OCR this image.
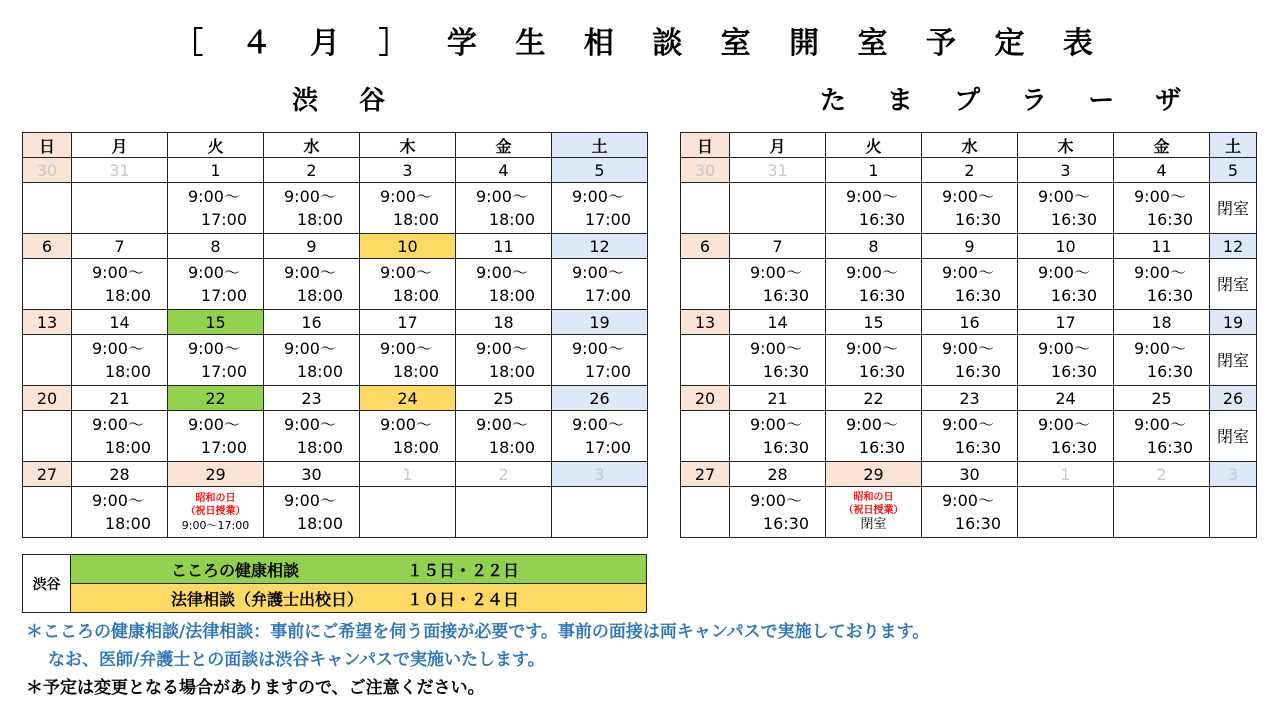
［ ４ 月 ］ 学 生 相 談 室 開 室 予 定 表
渋 谷	た ま プ ラ ー ザ
日	月	火	水	木	金	土
30	31	1	2	3	4	5

		9:00～
17:00	9:00～
18:00	9:00～
18:00	9:00～
18:00	9:00～
17:00

6	7	8	9	10	11	12

	9:00～
18:00	9:00～
17:00	9:00～
18:00	9:00～
18:00	9:00～
18:00	9:00～
17:00

13	14	15	16	17	18	19

	9:00～
18:00	9:00～
17:00	9:00～
18:00	9:00～
18:00	9:00～
18:00	9:00～
17:00

20	21	22	23	24	25	26

	9:00～
18:00	9:00～
17:00	9:00～
18:00	9:00～
18:00	9:00～
18:00	9:00～
17:00

27	28	29	30	1	2	3

	9:00～
18:00	昭和の日
（祝日授業）
9:00～17:00	9:00～
18:00			

日	月	火	水	木	金	土
30	31	1	2	3	4	5

		9:00～
16:30	9:00～
16:30	9:00～
16:30	9:00～
16:30	閉室
6	7	8	9	10	11	12

	9:00～
16:30	9:00～
16:30	9:00～
16:30	9:00～
16:30	9:00～
16:30	閉室
13	14	15	16	17	18	19

	9:00～
16:30	9:00～
16:30	9:00～
16:30	9:00～
16:30	9:00～
16:30	閉室
20	21	22	23	24	25	26

	9:00～
16:30	9:00～
16:30	9:00～
16:30	9:00～
16:30	9:00～
16:30	閉室
27	28	29	30	1	2	3

	9:00～
16:30	昭和の日
（祝日授業）
閉室	9:00～
16:30			

渋谷	こころの健康相談	１５日・２２日
法律相談（弁護士出校日）	１０日・２４日
＊こころの健康相談/法律相談：事前にご希望を伺う面接が必要です。事前の面接は両キャンパスで実施しております。
なお、医師/弁護士との面談は渋谷キャンパスで実施いたします。
＊予定は変更となる場合がありますので、ご注意ください。
